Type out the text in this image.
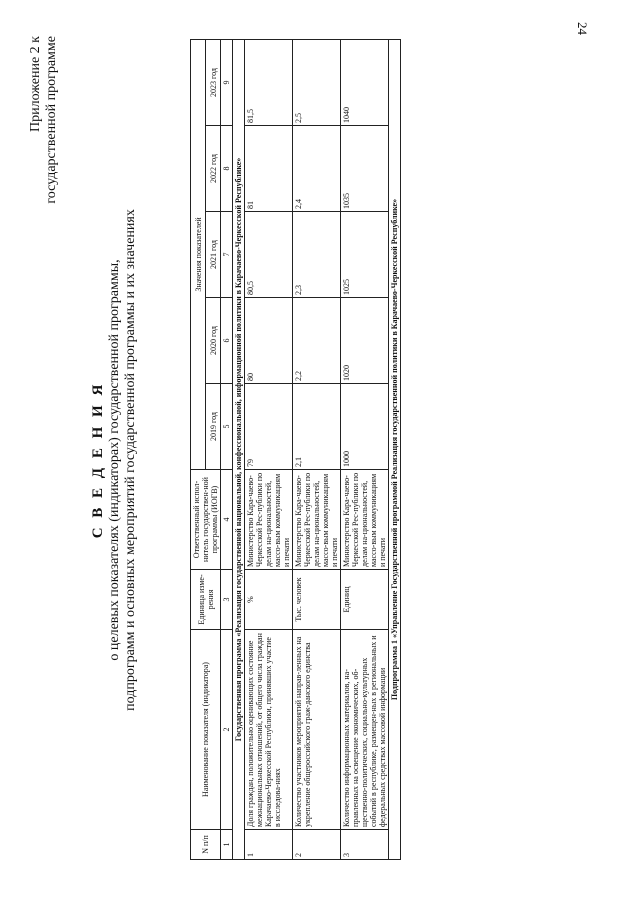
24
Приложение 2 к государственной программе
С В Е Д Е Н И Я о целевых показателях (индикаторах) государственной программы, подпрограмм и основных мероприятий государственной программы и их значениях
N п/п	Наименование показателя (индикатора)	Единица изме-рения	Ответственный испол-нитель государствен-ной программы (ИОГВ)	Значения показателей				
				2019 год	2020 год	2021 год	2022 год	2023 год
1	2	3	4	5	6	7	8	9
Государственная программа «Реализация государственной национальной, конфессиональной, информационной политики в Карачаево-Черкесской Республике»								
1	Доля граждан, положительно оценивающих состояние межнациональных отношений, от общего числа граждан Карачаево-Черкесской Республики, принявших участие в исследова-ниях	%	Министерство Кара-чаево-Черкесской Рес-публики по делам на-циональностей, массо-вым коммуникациям и печати	79	80	80,5	81	81,5
2	Количество участников мероприятий направ-ленных на укрепление общероссийского граж-данского единства	Тыс. человек	Министерство Кара-чаево-Черкесской Рес-публики по делам на-циональностей, массо-вым коммуникациям и печати	2,1	2,2	2,3	2,4	2,5
3	Количество информационных материалов, на-правленных на освещение экономических, об-щественно-политических, социально-культурных событий в республике, размещен-ных в региональных и федеральных средствах массовой информации	Единиц	Министерство Кара-чаево-Черкесской Рес-публики по делам на-циональностей, массо-вым коммуникациям и печати	1000	1020	1025	1035	1040
Подпрограмма 1 «Управление Государственной программой Реализация государственной политики в Карачаево-Черкесской Республике»								
